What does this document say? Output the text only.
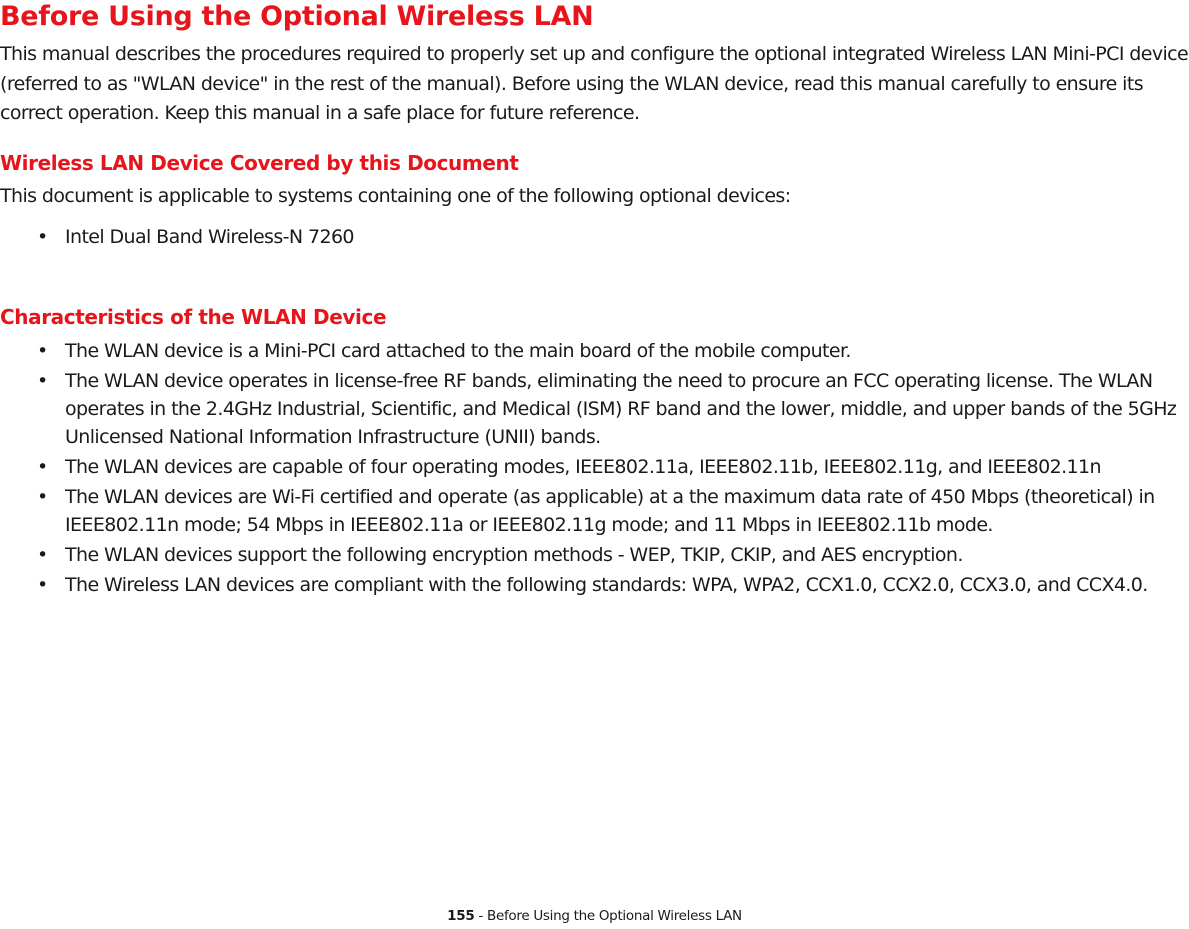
Before Using the Optional Wireless LAN

This manual describes the procedures required to properly set up and configure the optional integrated Wireless LAN Mini-PCI device (referred to as "WLAN device" in the rest of the manual). Before using the WLAN device, read this manual carefully to ensure its correct operation. Keep this manual in a safe place for future reference.

Wireless LAN Device Covered by this Document

This document is applicable to systems containing one of the following optional devices:

• Intel Dual Band Wireless-N 7260
Characteristics of the WLAN Device
• The WLAN device is a Mini-PCI card attached to the main board of the mobile computer.
• The WLAN device operates in license-free RF bands, eliminating the need to procure an FCC operating license. The WLAN operates in the 2.4GHz Industrial, Scientific, and Medical (ISM) RF band and the lower, middle, and upper bands of the 5GHz Unlicensed National Information Infrastructure (UNII) bands.
• The WLAN devices are capable of four operating modes, IEEE802.11a, IEEE802.11b, IEEE802.11g, and IEEE802.11n
• The WLAN devices are Wi-Fi certified and operate (as applicable) at a the maximum data rate of 450 Mbps (theoretical) in IEEE802.11n mode; 54 Mbps in IEEE802.11a or IEEE802.11g mode; and 11 Mbps in IEEE802.11b mode.
• The WLAN devices support the following encryption methods - WEP, TKIP, CKIP, and AES encryption.
• The Wireless LAN devices are compliant with the following standards: WPA, WPA2, CCX1.0, CCX2.0, CCX3.0, and CCX4.0.
155 - Before Using the Optional Wireless LAN
